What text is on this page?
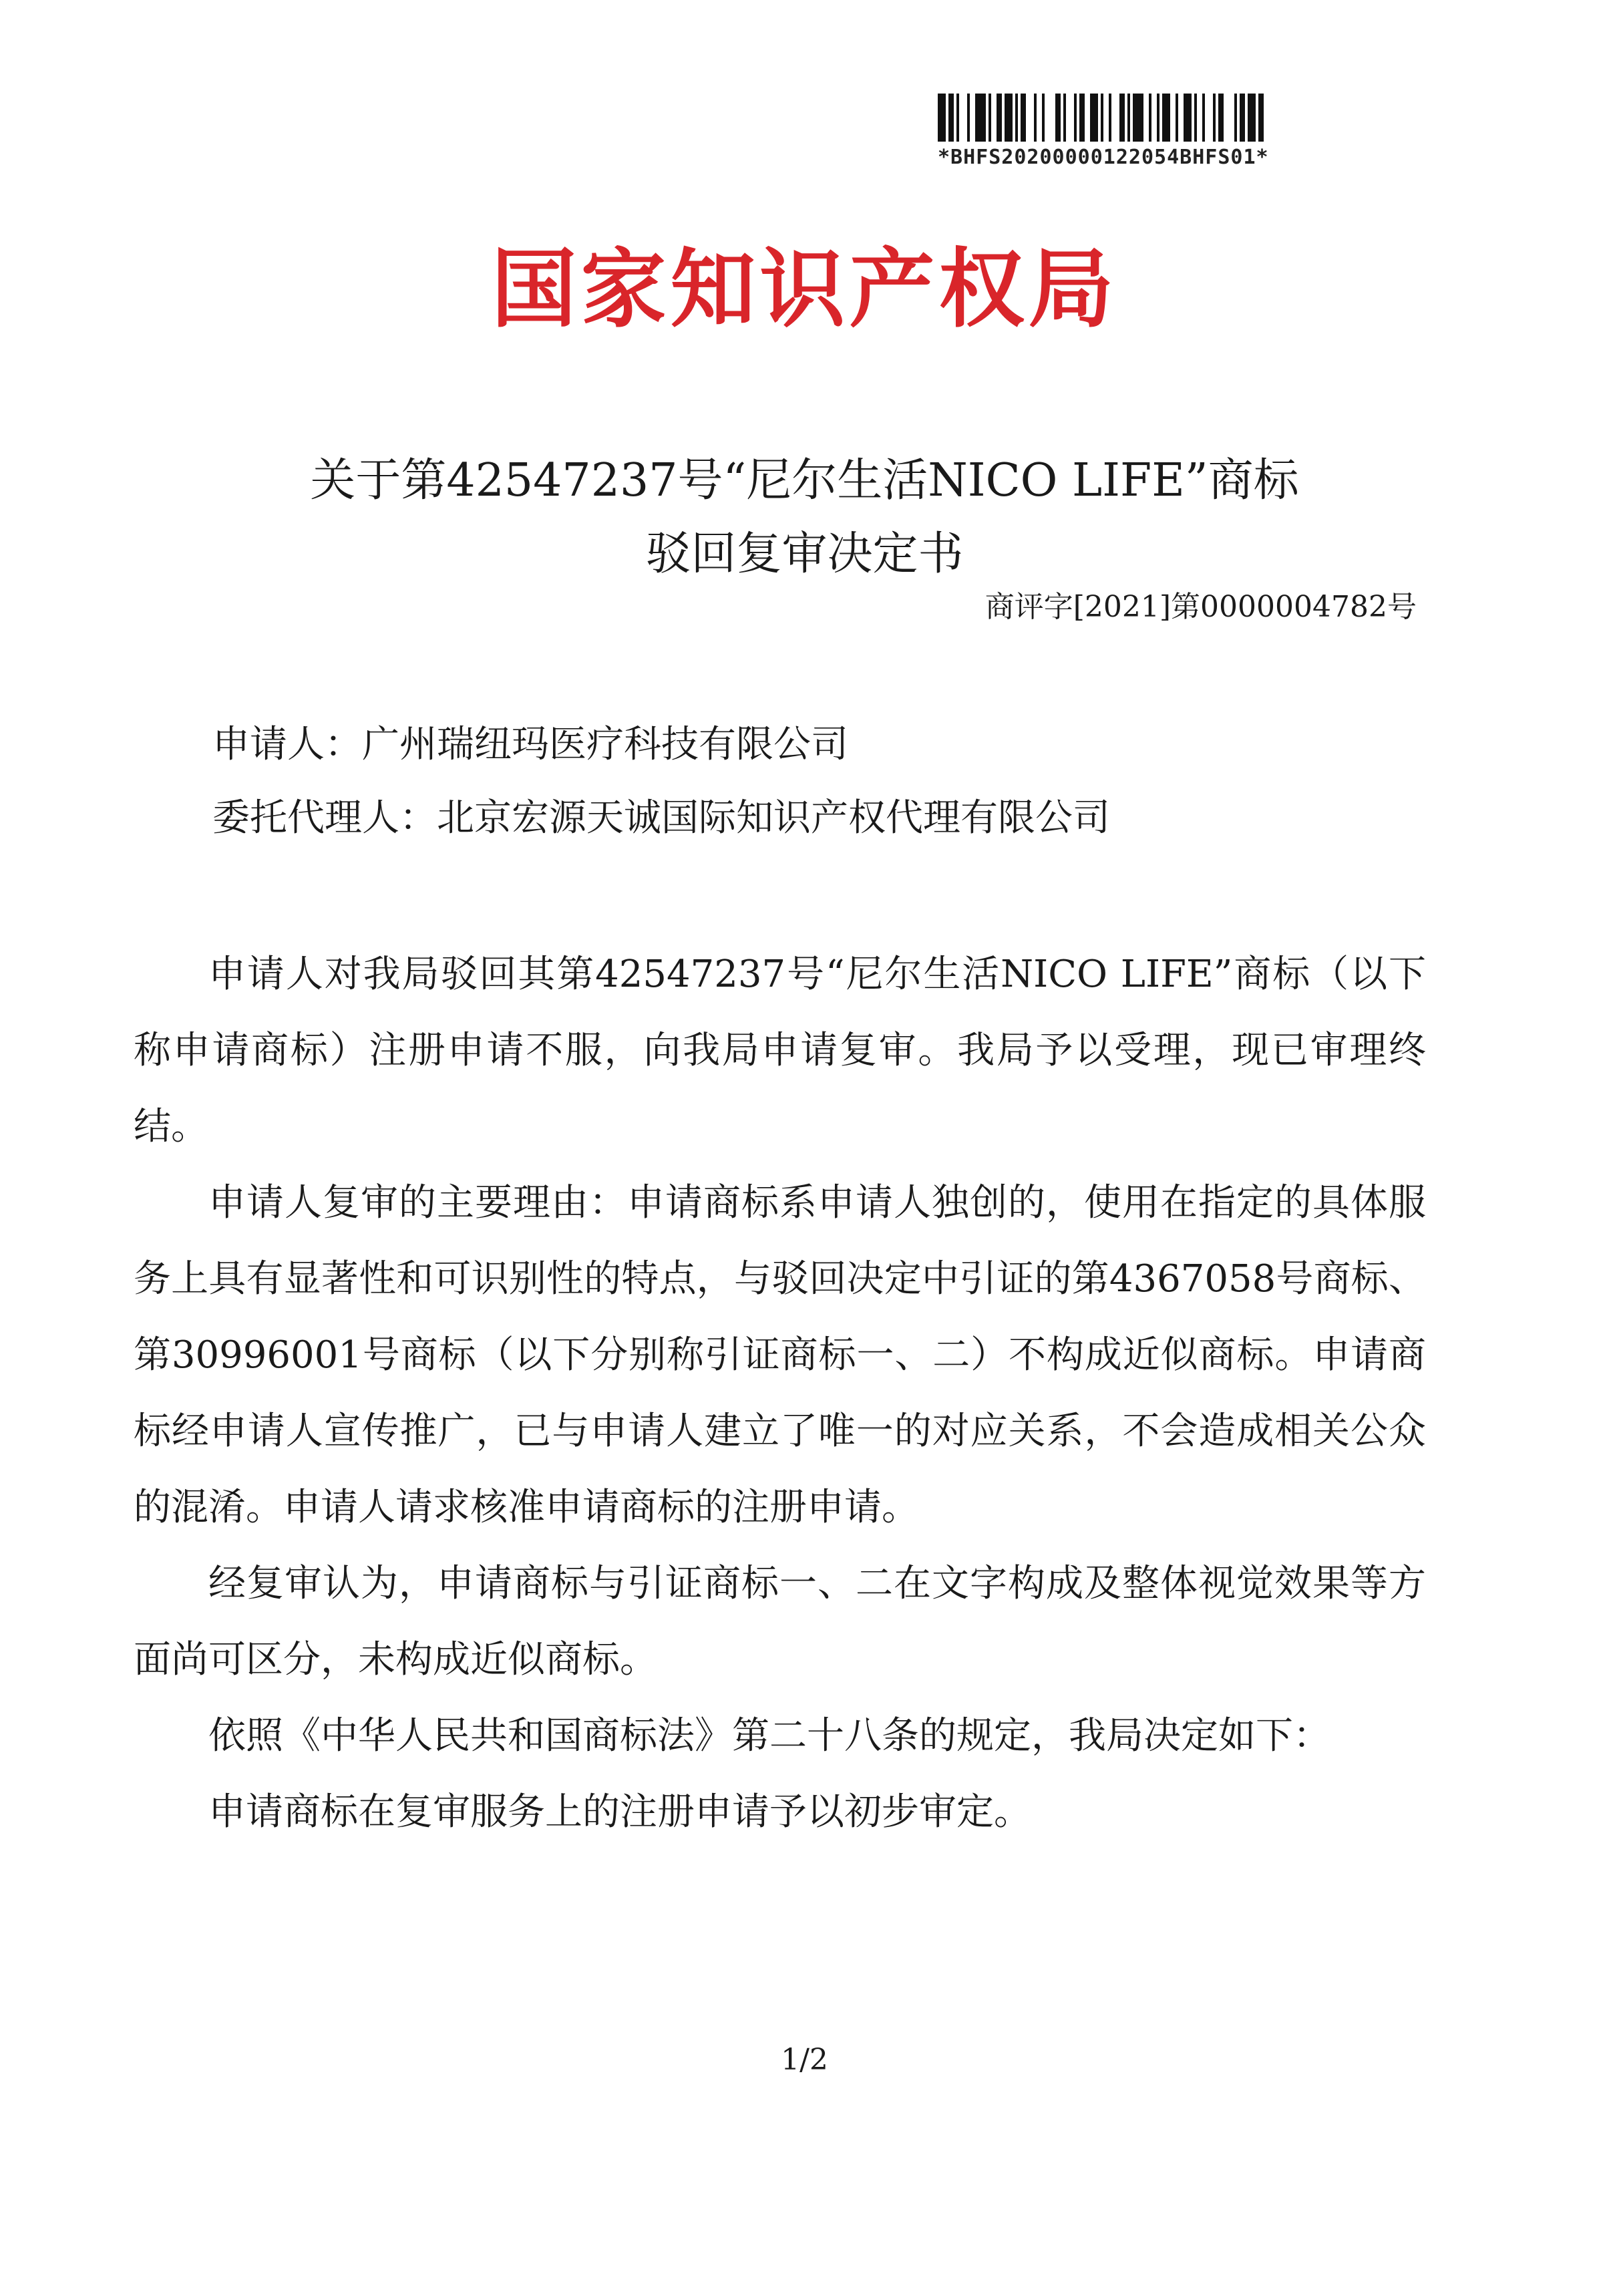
*BHFS20200000122054BHFS01*
国家知识产权局
关于第42547237号“尼尔生活NICO LIFE”商标
驳回复审决定书
商评字[2021]第0000004782号
申请人：广州瑞纽玛医疗科技有限公司
委托代理人：北京宏源天诚国际知识产权代理有限公司

申请人对我局驳回其第42547237号“尼尔生活NICO LIFE”商标（以下称申请商标）注册申请不服，向我局申请复审。我局予以受理，现已审理终结。

申请人复审的主要理由：申请商标系申请人独创的，使用在指定的具体服务上具有显著性和可识别性的特点，与驳回决定中引证的第4367058号商标、第30996001号商标（以下分别称引证商标一、二）不构成近似商标。申请商标经申请人宣传推广，已与申请人建立了唯一的对应关系，不会造成相关公众的混淆。申请人请求核准申请商标的注册申请。

经复审认为，申请商标与引证商标一、二在文字构成及整体视觉效果等方面尚可区分，未构成近似商标。

依照《中华人民共和国商标法》第二十八条的规定，我局决定如下：

申请商标在复审服务上的注册申请予以初步审定。

1/2
